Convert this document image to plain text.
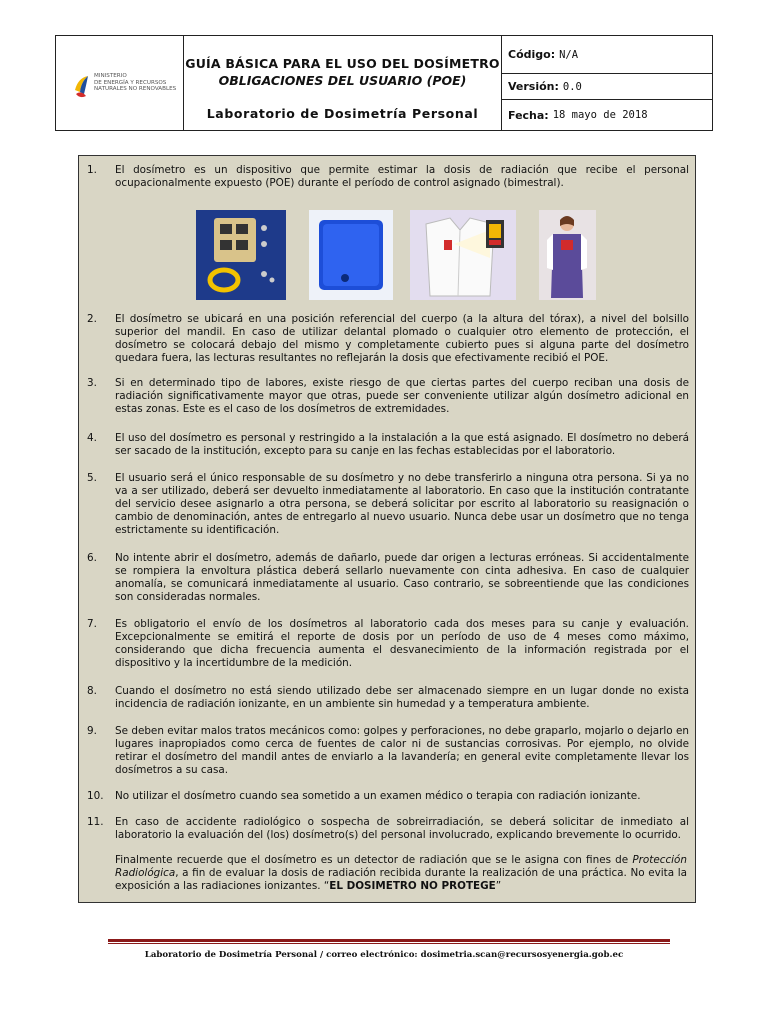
MINISTERIO
DE ENERGÍA Y RECURSOS
NATURALES NO RENOVABLES
GUÍA BÁSICA PARA EL USO DEL DOSÍMETRO
OBLIGACIONES DEL USUARIO (POE)
Laboratorio de Dosimetría Personal
Código: N/A
Versión: 0.0
Fecha: 18 mayo de 2018
1.	El dosímetro es un dispositivo que permite estimar la dosis de radiación que recibe el personal ocupacionalmente expuesto (POE) durante el período de control asignado (bimestral).
2.	El dosímetro se ubicará en una posición referencial del cuerpo (a la altura del tórax), a nivel del bolsillo superior del mandil. En caso de utilizar delantal plomado o cualquier otro elemento de protección, el dosímetro se colocará debajo del mismo y completamente cubierto pues si alguna parte del dosímetro quedara fuera, las lecturas resultantes no reflejarán la dosis que efectivamente recibió el POE.
3.	Si en determinado tipo de labores, existe riesgo de que ciertas partes del cuerpo reciban una dosis de radiación significativamente mayor que otras, puede ser conveniente utilizar algún dosímetro adicional en estas zonas. Este es el caso de los dosímetros de extremidades.
4.	El uso del dosímetro es personal y restringido a la instalación a la que está asignado. El dosímetro no deberá ser sacado de la institución, excepto para su canje en las fechas establecidas por el laboratorio.
5.	El usuario será el único responsable de su dosímetro y no debe transferirlo a ninguna otra persona. Si ya no va a ser utilizado, deberá ser devuelto inmediatamente al laboratorio. En caso que la institución contratante del servicio desee asignarlo a otra persona, se deberá solicitar por escrito al laboratorio su reasignación o cambio de denominación, antes de entregarlo al nuevo usuario. Nunca debe usar un dosímetro que no tenga estrictamente su identificación.
6.	No intente abrir el dosímetro, además de dañarlo, puede dar origen a lecturas erróneas. Si accidentalmente se rompiera la envoltura plástica deberá sellarlo nuevamente con cinta adhesiva. En caso de cualquier anomalía, se comunicará inmediatamente al usuario. Caso contrario, se sobreentiende que las condiciones son consideradas normales.
7.	Es obligatorio el envío de los dosímetros al laboratorio cada dos meses para su canje y evaluación. Excepcionalmente se emitirá el reporte de dosis por un período de uso de 4 meses como máximo, considerando que dicha frecuencia aumenta el desvanecimiento de la información registrada por el dispositivo y la incertidumbre de la medición.
8.	Cuando el dosímetro no está siendo utilizado debe ser almacenado siempre en un lugar donde no exista incidencia de radiación ionizante, en un ambiente sin humedad y a temperatura ambiente.
9.	Se deben evitar malos tratos mecánicos como: golpes y perforaciones, no debe graparlo, mojarlo o dejarlo en lugares inapropiados como cerca de fuentes de calor ni de sustancias corrosivas. Por ejemplo, no olvide retirar el dosímetro del mandil antes de enviarlo a la lavandería; en general evite completamente llevar los dosímetros a su casa.
10.	No utilizar el dosímetro cuando sea sometido a un examen médico o terapia con radiación ionizante.
11.	En caso de accidente radiológico o sospecha de sobreirradiación, se deberá solicitar de inmediato al laboratorio la evaluación del (los) dosímetro(s) del personal involucrado, explicando brevemente lo ocurrido.
Finalmente recuerde que el dosímetro es un detector de radiación que se le asigna con fines de Protección Radiológica, a fin de evaluar la dosis de radiación recibida durante la realización de una práctica. No evita la exposición a las radiaciones ionizantes. “EL DOSIMETRO NO PROTEGE”
Laboratorio de Dosimetría Personal / correo electrónico: dosimetria.scan@recursosyenergia.gob.ec
